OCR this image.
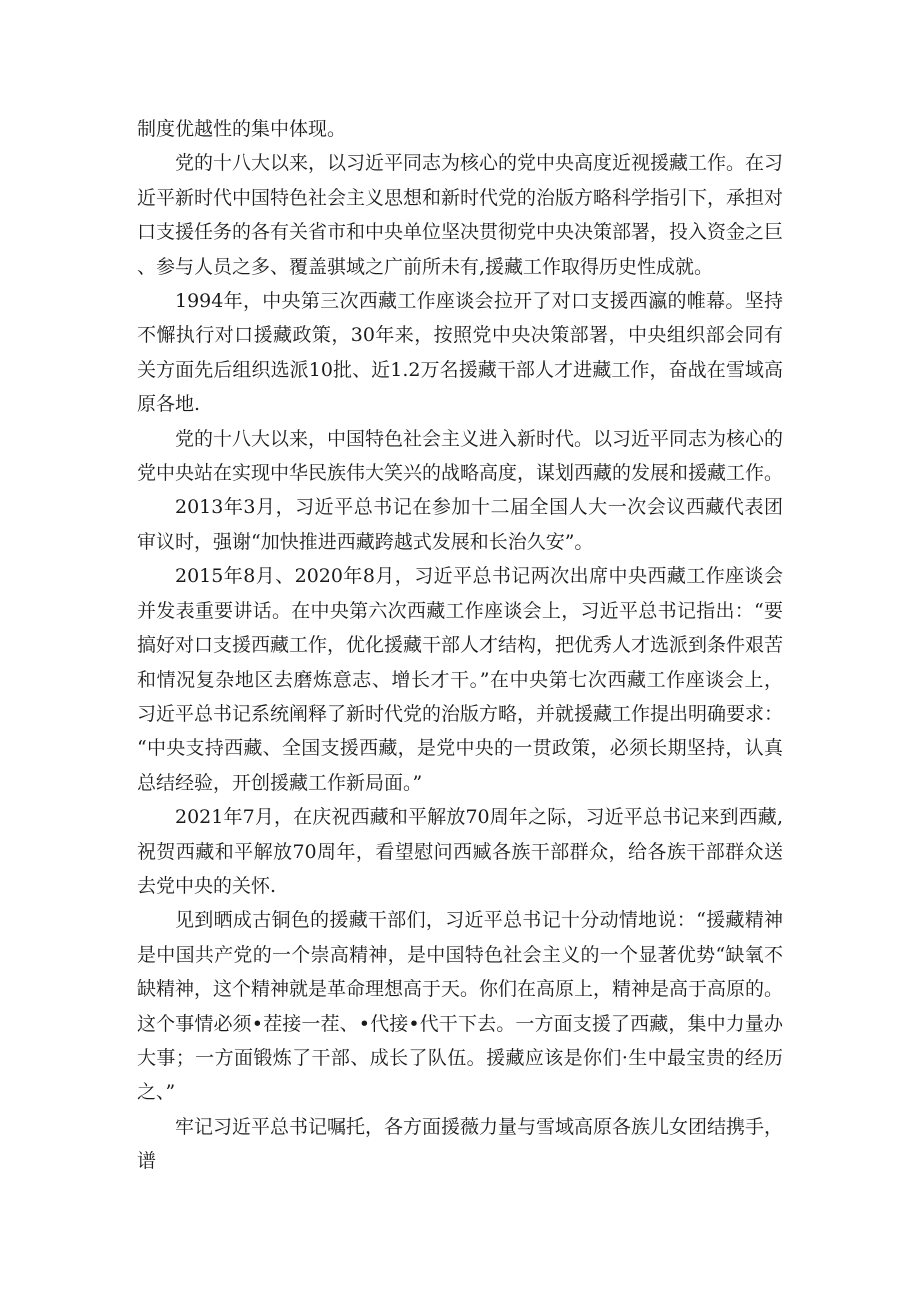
制度优越性的集中体现。

党的十八大以来，以习近平同志为核心的党中央高度近视援藏工作。在习近平新时代中国特色社会主义思想和新时代党的治版方略科学指引下，承担对口支援任务的各有关省市和中央单位坚决贯彻党中央决策部署，投入资金之巨、参与人员之多、覆盖骐域之广前所未有,援藏工作取得历史性成就。

1994年，中央第三次西藏工作座谈会拉开了对口支援西瀛的帷幕。坚持不懈执行对口援藏政策，30年来，按照党中央决策部署，中央组织部会同有关方面先后组织选派10批、近1.2万名援藏干部人才进藏工作，奋战在雪域高原各地.

党的十八大以来，中国特色社会主义进入新时代。以习近平同志为核心的党中央站在实现中华民族伟大笑兴的战略高度，谋划西藏的发展和援藏工作。

2013年3月，习近平总书记在参加十二届全国人大一次会议西藏代表团审议时，强谢“加快推进西藏跨越式发展和长治久安”。

2015年8月、2020年8月，习近平总书记两次出席中央西藏工作座谈会并发表重要讲话。在中央第六次西藏工作座谈会上，习近平总书记指出：“要搞好对口支援西藏工作，优化援藏干部人才结构，把优秀人才选派到条件艰苦和情况复杂地区去磨炼意志、增长才干。”在中央第七次西藏工作座谈会上，习近平总书记系统阐释了新时代党的治版方略，并就援藏工作提出明确要求：“中央支持西藏、全国支援西藏，是党中央的一贯政策，必须长期坚持，认真总结经验，开创援藏工作新局面。”

2021年7月，在庆祝西藏和平解放70周年之际，习近平总书记来到西藏,祝贺西藏和平解放70周年，看望慰问西臧各族干部群众，给各族干部群众送去党中央的关怀.

见到晒成古铜色的援藏干部们，习近平总书记十分动情地说：“援藏精神是中国共产党的一个崇高精神，是中国特色社会主义的一个显著优势“缺氧不缺精神，这个精神就是革命理想高于天。你们在高原上，精神是高于高原的。这个事情必须•茬接一茬、•代接•代干下去。一方面支援了西藏，集中力量办大事；一方面锻炼了干部、成长了队伍。援藏应该是你们·生中最宝贵的经历之、”

牢记习近平总书记嘱托，各方面援薇力量与雪域高原各族儿女团结携手，谱
